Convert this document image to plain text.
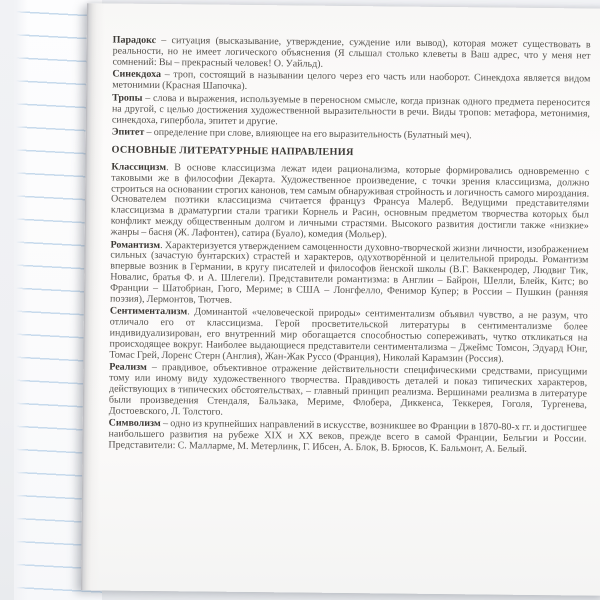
Парадокс – ситуация (высказывание, утверждение, суждение или вывод), которая может существовать в реальности, но не имеет логического объяснения (Я слышал столько клеветы в Ваш адрес, что у меня нет сомнений: Вы – прекрасный человек! О. Уайльд).

Синекдоха – троп, состоящий в назывании целого через его часть или наоборот. Синекдоха является видом метонимии (Красная Шапочка).

Тропы – слова и выражения, используемые в переносном смысле, когда признак одного предмета переносится на другой, с целью достижения художественной выразительности в речи. Виды тропов: метафора, метонимия, синекдоха, гипербола, эпитет и другие.

Эпитет – определение при слове, влияющее на его выразительность (Булатный меч).

ОСНОВНЫЕ ЛИТЕРАТУРНЫЕ НАПРАВЛЕНИЯ

Классицизм. В основе классицизма лежат идеи рационализма, которые формировались одновременно с таковыми же в философии Декарта. Художественное произведение, с точки зрения классицизма, должно строиться на основании строгих канонов, тем самым обнаруживая стройность и логичность самого мироздания. Основателем поэтики классицизма считается француз Франсуа Малерб. Ведущими представителями классицизма в драматургии стали трагики Корнель и Расин, основным предметом творчества которых был конфликт между общественным долгом и личными страстями. Высокого развития достигли также «низкие» жанры – басня (Ж. Лафонтен), сатира (Буало), комедия (Мольер).

Романтизм. Характеризуется утверждением самоценности духовно-творческой жизни личности, изображением сильных (зачастую бунтарских) страстей и характеров, одухотворённой и целительной природы. Романтизм впервые возник в Германии, в кругу писателей и философов йенской школы (В.Г. Ваккенродер, Людвиг Тик, Новалис, братья Ф. и А. Шлегели). Представители романтизма: в Англии – Байрон, Шелли, Блейк, Китс; во Франции – Шатобриан, Гюго, Мериме; в США – Лонгфелло, Фенимор Купер; в России – Пушкин (ранняя поэзия), Лермонтов, Тютчев.

Сентиментализм. Доминантой «человеческой природы» сентиментализм объявил чувство, а не разум, что отличало его от классицизма. Герой просветительской литературы в сентиментализме более индивидуализирован, его внутренний мир обогащается способностью сопереживать, чутко откликаться на происходящее вокруг. Наиболее выдающиеся представители сентиментализма – Джеймс Томсон, Эдуард Юнг, Томас Грей, Лоренс Стерн (Англия), Жан-Жак Руссо (Франция), Николай Карамзин (Россия).

Реализм – правдивое, объективное отражение действительности специфическими средствами, присущими тому или иному виду художественного творчества. Правдивость деталей и показ типических характеров, действующих в типических обстоятельствах, – главный принцип реализма. Вершинами реализма в литературе были произведения Стендаля, Бальзака, Мериме, Флобера, Диккенса, Теккерея, Гоголя, Тургенева, Достоевского, Л. Толстого.

Символизм – одно из крупнейших направлений в искусстве, возникшее во Франции в 1870-80-х гг. и достигшее наибольшего развития на рубеже XIX и XX веков, прежде всего в самой Франции, Бельгии и России. Представители: С. Малларме, М. Метерлинк, Г. Ибсен, А. Блок, В. Брюсов, К. Бальмонт, А. Белый.
